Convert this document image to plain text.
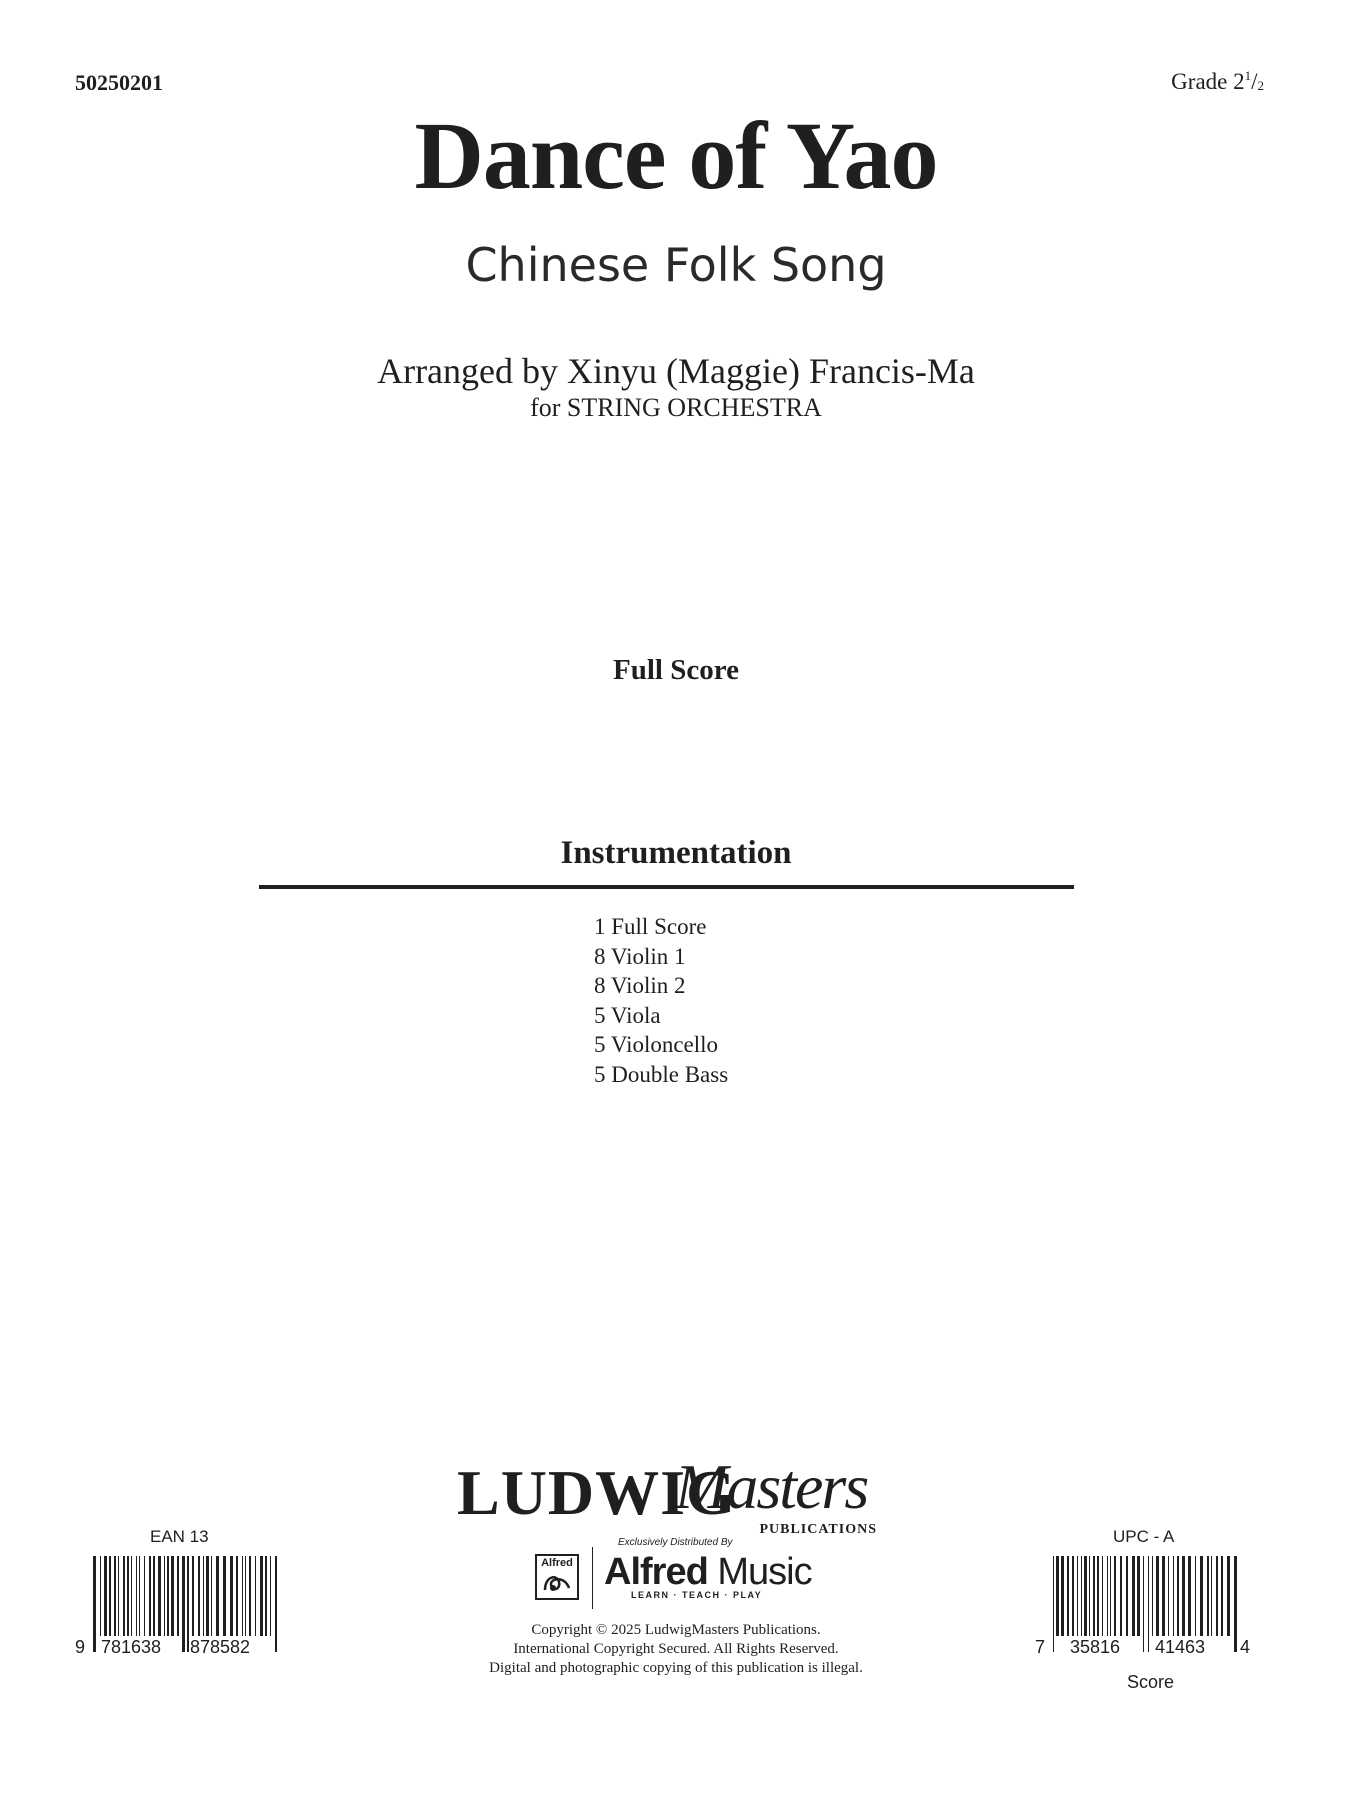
50250201	Grade $2^1/_2$
Dance of Yao
Chinese Folk Song
Arranged by Xinyu (Maggie) Francis-Ma
for STRING ORCHESTRA
Full Score
Instrumentation
1 Full Score
8 Violin 1
8 Violin 2
5 Viola
5 Violoncello
5 Double Bass
LUDWIG
Masters
PUBLICATIONS
Exclusively Distributed By
Alfred Alfred Music
LEARN · TEACH · PLAY
Copyright © 2025 LudwigMasters Publications.
International Copyright Secured. All Rights Reserved.
Digital and photographic copying of this publication is illegal.
EAN 13
9 781638 878582
UPC - A
7 35816 41463 4
Score
